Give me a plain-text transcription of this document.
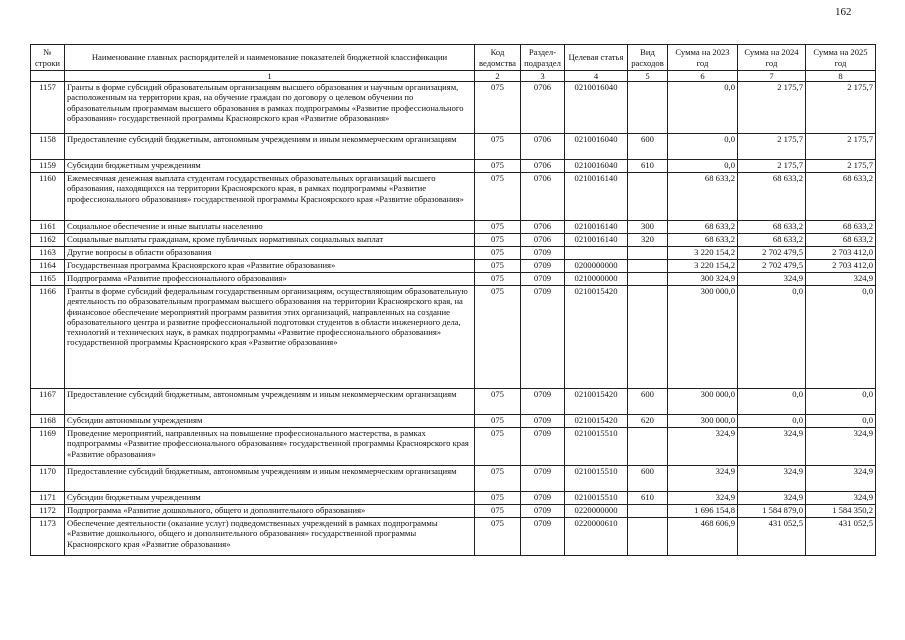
162
№ строки	Наименование главных распорядителей и наименование показателей бюджетной классификации	Код ведомства	Раздел-подраздел	Целевая статья	Вид расходов	Сумма на 2023 год	Сумма на 2024 год	Сумма на 2025 год
	1	2	3	4	5	6	7	8
1157	Гранты в форме субсидий образовательным организациям высшего образования и научным организациям, расположенным на территории края, на обучение граждан по договору о целевом обучении по образовательным программам высшего образования в рамках подпрограммы «Развитие профессионального образования» государственной программы Красноярского края «Развитие образования»	075	0706	0210016040		0,0	2 175,7	2 175,7
1158	Предоставление субсидий бюджетным, автономным учреждениям и иным некоммерческим организациям	075	0706	0210016040	600	0,0	2 175,7	2 175,7
1159	Субсидии бюджетным учреждениям	075	0706	0210016040	610	0,0	2 175,7	2 175,7
1160	Ежемесячная денежная выплата студентам государственных образовательных организаций высшего образования, находящихся на территории Красноярского края, в рамках подпрограммы «Развитие профессионального образования» государственной программы Красноярского края «Развитие образования»	075	0706	0210016140		68 633,2	68 633,2	68 633,2
1161	Социальное обеспечение и иные выплаты населению	075	0706	0210016140	300	68 633,2	68 633,2	68 633,2
1162	Социальные выплаты гражданам, кроме публичных нормативных социальных выплат	075	0706	0210016140	320	68 633,2	68 633,2	68 633,2
1163	Другие вопросы в области образования	075	0709			3 220 154,2	2 702 479,5	2 703 412,0
1164	Государственная программа Красноярского края «Развитие образования»	075	0709	0200000000		3 220 154,2	2 702 479,5	2 703 412,0
1165	Подпрограмма «Развитие профессионального образования»	075	0709	0210000000		300 324,9	324,9	324,9
1166	Гранты в форме субсидий федеральным государственным организациям, осуществляющим образовательную деятельность по образовательным программам высшего образования на территории Красноярского края, на финансовое обеспечение мероприятий программ развития этих организаций, направленных на создание образовательного центра и развитие профессиональной подготовки студентов в области инженерного дела, технологий и технических наук, в рамках подпрограммы «Развитие профессионального образования» государственной программы Красноярского края «Развитие образования»	075	0709	0210015420		300 000,0	0,0	0,0
1167	Предоставление субсидий бюджетным, автономным учреждениям и иным некоммерческим организациям	075	0709	0210015420	600	300 000,0	0,0	0,0
1168	Субсидии автономным учреждениям	075	0709	0210015420	620	300 000,0	0,0	0,0
1169	Проведение мероприятий, направленных на повышение профессионального мастерства, в рамках подпрограммы «Развитие профессионального образования» государственной программы Красноярского края «Развитие образования»	075	0709	0210015510		324,9	324,9	324,9
1170	Предоставление субсидий бюджетным, автономным учреждениям и иным некоммерческим организациям	075	0709	0210015510	600	324,9	324,9	324,9
1171	Субсидии бюджетным учреждениям	075	0709	0210015510	610	324,9	324,9	324,9
1172	Подпрограмма «Развитие дошкольного, общего и дополнительного образования»	075	0709	0220000000		1 696 154,8	1 584 879,0	1 584 350,2
1173	Обеспечение деятельности (оказание услуг) подведомственных учреждений в рамках подпрограммы «Развитие дошкольного, общего и дополнительного образования» государственной программы Красноярского края «Развитие образования»	075	0709	0220000610		468 606,9	431 052,5	431 052,5
